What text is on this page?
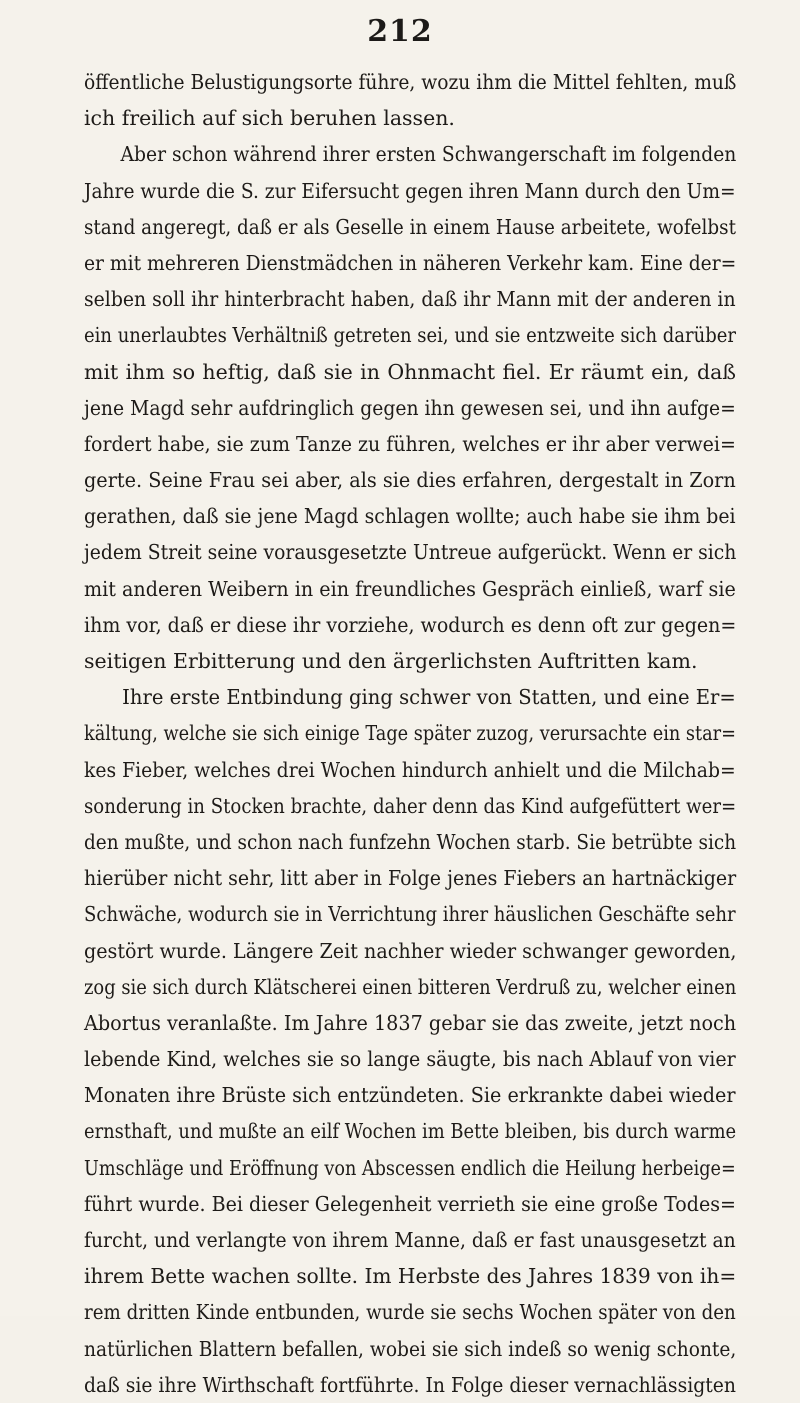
212
öffentliche Belustigungsorte führe, wozu ihm die Mittel fehlten, muß
ich freilich auf sich beruhen lassen.
Aber schon während ihrer ersten Schwangerschaft im folgenden
Jahre wurde die S. zur Eifersucht gegen ihren Mann durch den Um=
stand angeregt, daß er als Geselle in einem Hause arbeitete, wofelbst
er mit mehreren Dienstmädchen in näheren Verkehr kam. Eine der=
selben soll ihr hinterbracht haben, daß ihr Mann mit der anderen in
ein unerlaubtes Verhältniß getreten sei, und sie entzweite sich darüber
mit ihm so heftig, daß sie in Ohnmacht fiel. Er räumt ein, daß
jene Magd sehr aufdringlich gegen ihn gewesen sei, und ihn aufge=
fordert habe, sie zum Tanze zu führen, welches er ihr aber verwei=
gerte. Seine Frau sei aber, als sie dies erfahren, dergestalt in Zorn
gerathen, daß sie jene Magd schlagen wollte; auch habe sie ihm bei
jedem Streit seine vorausgesetzte Untreue aufgerückt. Wenn er sich
mit anderen Weibern in ein freundliches Gespräch einließ, warf sie
ihm vor, daß er diese ihr vorziehe, wodurch es denn oft zur gegen=
seitigen Erbitterung und den ärgerlichsten Auftritten kam.
Ihre erste Entbindung ging schwer von Statten, und eine Er=
kältung, welche sie sich einige Tage später zuzog, verursachte ein star=
kes Fieber, welches drei Wochen hindurch anhielt und die Milchab=
sonderung in Stocken brachte, daher denn das Kind aufgefüttert wer=
den mußte, und schon nach funfzehn Wochen starb. Sie betrübte sich
hierüber nicht sehr, litt aber in Folge jenes Fiebers an hartnäckiger
Schwäche, wodurch sie in Verrichtung ihrer häuslichen Geschäfte sehr
gestört wurde. Längere Zeit nachher wieder schwanger geworden,
zog sie sich durch Klätscherei einen bitteren Verdruß zu, welcher einen
Abortus veranlaßte. Im Jahre 1837 gebar sie das zweite, jetzt noch
lebende Kind, welches sie so lange säugte, bis nach Ablauf von vier
Monaten ihre Brüste sich entzündeten. Sie erkrankte dabei wieder
ernsthaft, und mußte an eilf Wochen im Bette bleiben, bis durch warme
Umschläge und Eröffnung von Abscessen endlich die Heilung herbeige=
führt wurde. Bei dieser Gelegenheit verrieth sie eine große Todes=
furcht, und verlangte von ihrem Manne, daß er fast unausgesetzt an
ihrem Bette wachen sollte. Im Herbste des Jahres 1839 von ih=
rem dritten Kinde entbunden, wurde sie sechs Wochen später von den
natürlichen Blattern befallen, wobei sie sich indeß so wenig schonte,
daß sie ihre Wirthschaft fortführte. In Folge dieser vernachlässigten
